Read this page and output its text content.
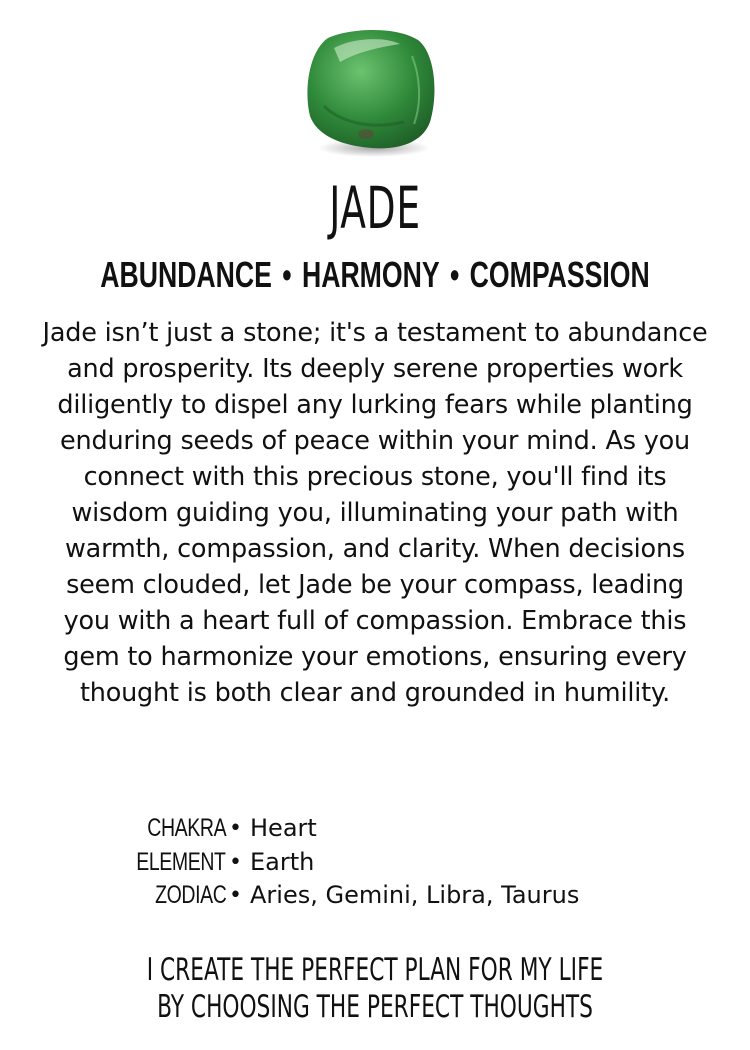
JADE
ABUNDANCE • HARMONY • COMPASSION
Jade isn’t just a stone; it's a testament to abundance and prosperity. Its deeply serene properties work diligently to dispel any lurking fears while planting enduring seeds of peace within your mind. As you connect with this precious stone, you'll find its wisdom guiding you, illuminating your path with warmth, compassion, and clarity. When decisions seem clouded, let Jade be your compass, leading you with a heart full of compassion. Embrace this gem to harmonize your emotions, ensuring every thought is both clear and grounded in humility.
CHAKRA • Heart
ELEMENT • Earth
ZODIAC • Aries, Gemini, Libra, Taurus
I CREATE THE PERFECT PLAN FOR MY LIFE
BY CHOOSING THE PERFECT THOUGHTS
